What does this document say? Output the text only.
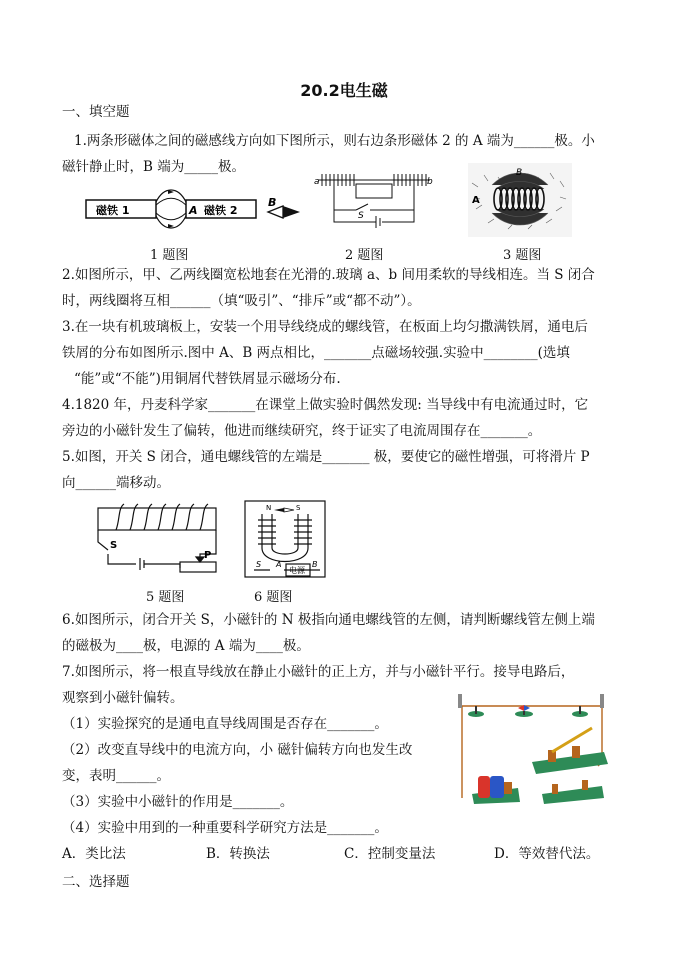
20.2电生磁
一、填空题
1.两条形磁体之间的磁感线方向如下图所示，则右边条形磁体 2 的 A 端为______极。小
磁针静止时，B 端为_____极。
磁铁 1	A 磁铁 2
B
1 题图
a	b
S
2 题图
A
B
3 题图
2.如图所示，甲、乙两线圈宽松地套在光滑的.玻璃 a、b 间用柔软的导线相连。当 S 闭合
时，两线圈将互相______（填“吸引”、“排斥”或“都不动”）。
3.在一块有机玻璃板上，安装一个用导线绕成的螺线管，在板面上均匀撒满铁屑，通电后
铁屑的分布如图所示.图中 A、B 两点相比，_______点磁场较强.实验中________(选填
“能”或“不能”)用铜屑代替铁屑显示磁场分布.
4.1820 年，丹麦科学家_______在课堂上做实验时偶然发现: 当导线中有电流通过时，它
旁边的小磁针发生了偏转，他进而继续研究，终于证实了电流周围存在_______。
5.如图，开关 S 闭合，通电螺线管的左端是_______ 极，要使它的磁性增强，可将滑片 P
向______端移动。
S
P
5 题图
N	S
S A
电源
B
6 题图
6.如图所示，闭合开关 S，小磁针的 N 极指向通电螺线管的左侧，请判断螺线管左侧上端
的磁极为____极，电源的 A 端为____极。
7.如图所示，将一根直导线放在静止小磁针的正上方，并与小磁针平行。接导电路后，
观察到小磁针偏转。
（1）实验探究的是通电直导线周围是否存在_______。
（2）改变直导线中的电流方向，小 磁针偏转方向也发生改
变，表明______。
（3）实验中小磁针的作用是_______。
（4）实验中用到的一种重要科学研究方法是_______。
A．类比法	B．转换法	C．控制变量法	D．等效替代法。
二、选择题
